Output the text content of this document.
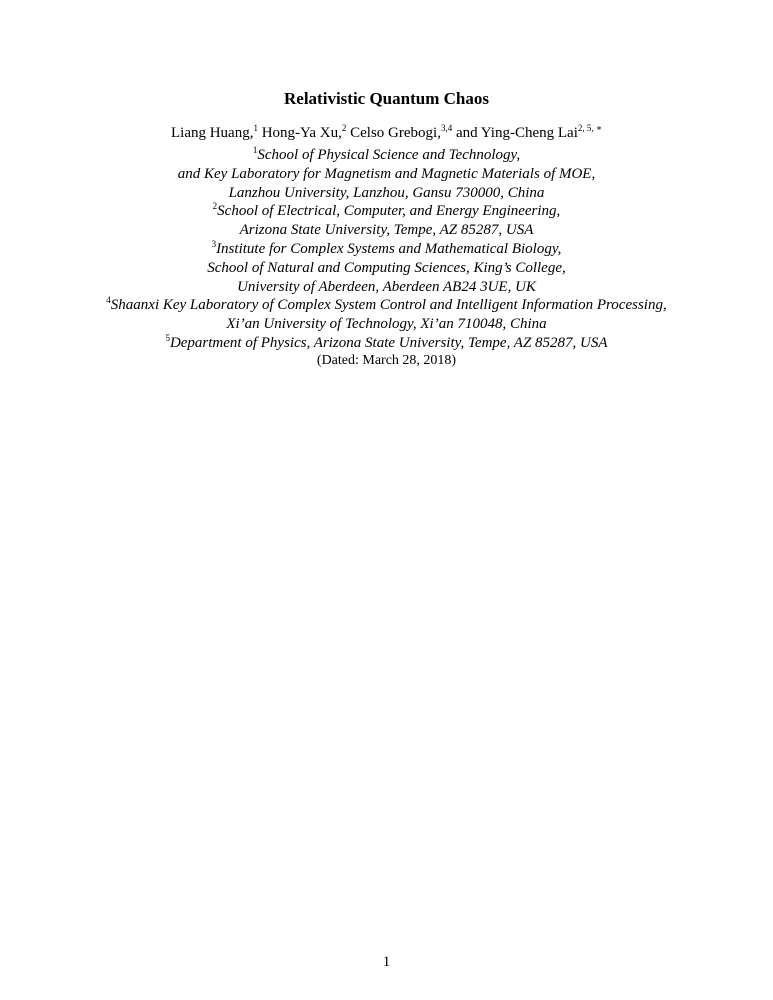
Relativistic Quantum Chaos
Liang Huang,$^1$ Hong-Ya Xu,$^2$ Celso Grebogi,$^{3,4}$ and Ying-Cheng Lai$^{2, 5, ∗}$
$^1$School of Physical Science and Technology,
and Key Laboratory for Magnetism and Magnetic Materials of MOE,
Lanzhou University, Lanzhou, Gansu 730000, China
$^2$School of Electrical, Computer, and Energy Engineering,
Arizona State University, Tempe, AZ 85287, USA
$^3$Institute for Complex Systems and Mathematical Biology,
School of Natural and Computing Sciences, King’s College,
University of Aberdeen, Aberdeen AB24 3UE, UK
$^4$Shaanxi Key Laboratory of Complex System Control and Intelligent Information Processing,
Xi’an University of Technology, Xi’an 710048, China
$^5$Department of Physics, Arizona State University, Tempe, AZ 85287, USA
(Dated: March 28, 2018)
1
